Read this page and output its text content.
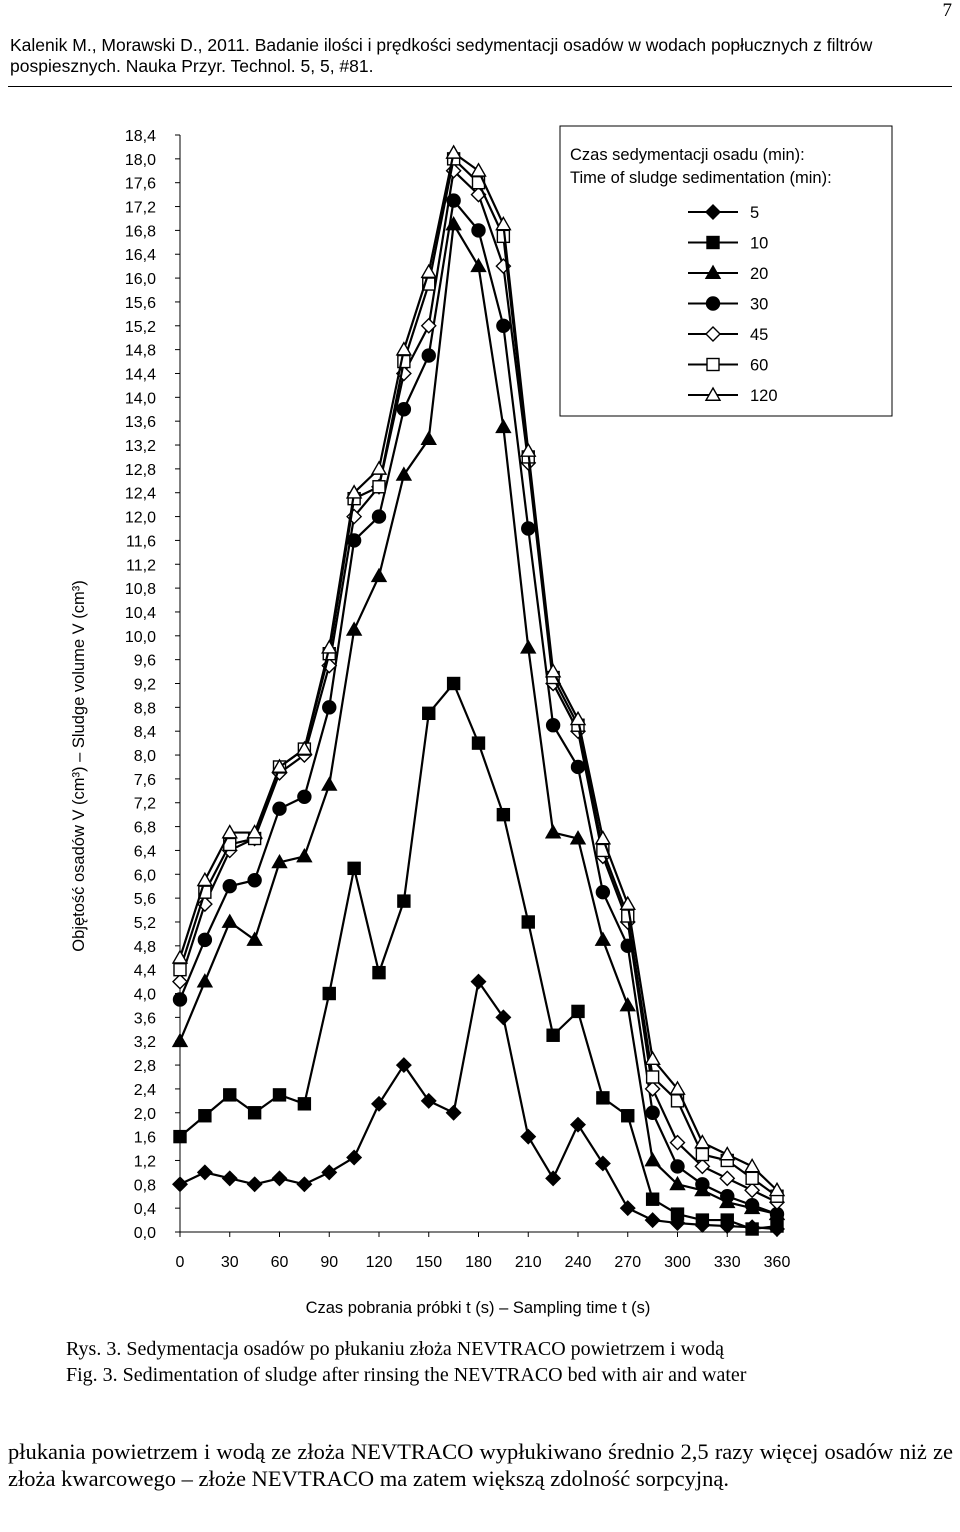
Kalenik M., Morawski D., 2011. Badanie ilości i prędkości sedymentacji osadów w wodach popłucznych z filtrów pospiesznych. Nauka Przyr. Technol. 5, 5, #81.
7
0,0
0,4
0,8
1,2
1,6
2,0
2,4
2,8
3,2
3,6
4,0
4,4
4,8
5,2
5,6
6,0
6,4
6,8
7,2
7,6
8,0
8,4
8,8
9,2
9,6
10,0
10,4
10,8
11,2
11,6
12,0
12,4
12,8
13,2
13,6
14,0
14,4
14,8
15,2
15,6
16,0
16,4
16,8
17,2
17,6
18,0
18,4
0 30 60 90 120 150 180 210 240 270 300 330 360
Czas sedymentacji osadu (min):
Time of sludge sedimentation (min):
5
10
20
30
45
60
120
Czas pobrania próbki t (s) – Sampling time t (s)
Objętość osadów V (cm³) – Sludge volume V (cm³)
Rys. 3. Sedymentacja osadów po płukaniu złoża NEVTRACO powietrzem i wodą
Fig. 3. Sedimentation of sludge after rinsing the NEVTRACO bed with air and water
płukania powietrzem i wodą ze złoża NEVTRACO wypłukiwano średnio 2,5 razy więcej osadów niż ze złoża kwarcowego – złoże NEVTRACO ma zatem większą zdolność sorpcyjną.
